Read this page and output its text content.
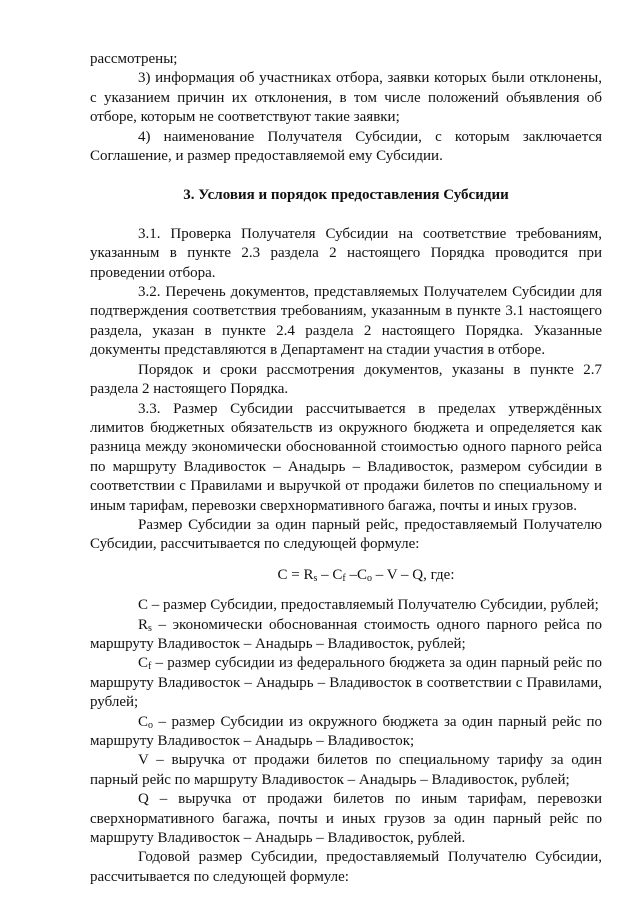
рассмотрены;

3) информация об участниках отбора, заявки которых были отклонены, с указанием причин их отклонения, в том числе положений объявления об отборе, которым не соответствуют такие заявки;

4) наименование Получателя Субсидии, с которым заключается Соглашение, и размер предоставляемой ему Субсидии.

3. Условия и порядок предоставления Субсидии

3.1. Проверка Получателя Субсидии на соответствие требованиям, указанным в пункте 2.3 раздела 2 настоящего Порядка проводится при проведении отбора.

3.2. Перечень документов, представляемых Получателем Субсидии для подтверждения соответствия требованиям, указанным в пункте 3.1 настоящего раздела, указан в пункте 2.4 раздела 2 настоящего Порядка. Указанные документы представляются в Департамент на стадии участия в отборе.

Порядок и сроки рассмотрения документов, указаны в пункте 2.7 раздела 2 настоящего Порядка.

3.3. Размер Субсидии рассчитывается в пределах утверждённых лимитов бюджетных обязательств из окружного бюджета и определяется как разница между экономически обоснованной стоимостью одного парного рейса по маршруту Владивосток – Анадырь – Владивосток, размером субсидии в соответствии с Правилами и выручкой от продажи билетов по специальному и иным тарифам, перевозки сверхнормативного багажа, почты и иных грузов.

Размер Субсидии за один парный рейс, предоставляемый Получателю Субсидии, рассчитывается по следующей формуле:

$C = R_s - C_f$ $-C_o$ – V – Q, где:

C – размер Субсидии, предоставляемый Получателю Субсидии, рублей;

$R_s$ – экономически обоснованная стоимость одного парного рейса по маршруту Владивосток – Анадырь – Владивосток, рублей;

$C_f$ – размер субсидии из федерального бюджета за один парный рейс по маршруту Владивосток – Анадырь – Владивосток в соответствии с Правилами, рублей;

$C_o$ – размер Субсидии из окружного бюджета за один парный рейс по маршруту Владивосток – Анадырь – Владивосток;

V – выручка от продажи билетов по специальному тарифу за один парный рейс по маршруту Владивосток – Анадырь – Владивосток, рублей;

Q – выручка от продажи билетов по иным тарифам, перевозки сверхнормативного багажа, почты и иных грузов за один парный рейс по маршруту Владивосток – Анадырь – Владивосток, рублей.

Годовой размер Субсидии, предоставляемый Получателю Субсидии, рассчитывается по следующей формуле:
